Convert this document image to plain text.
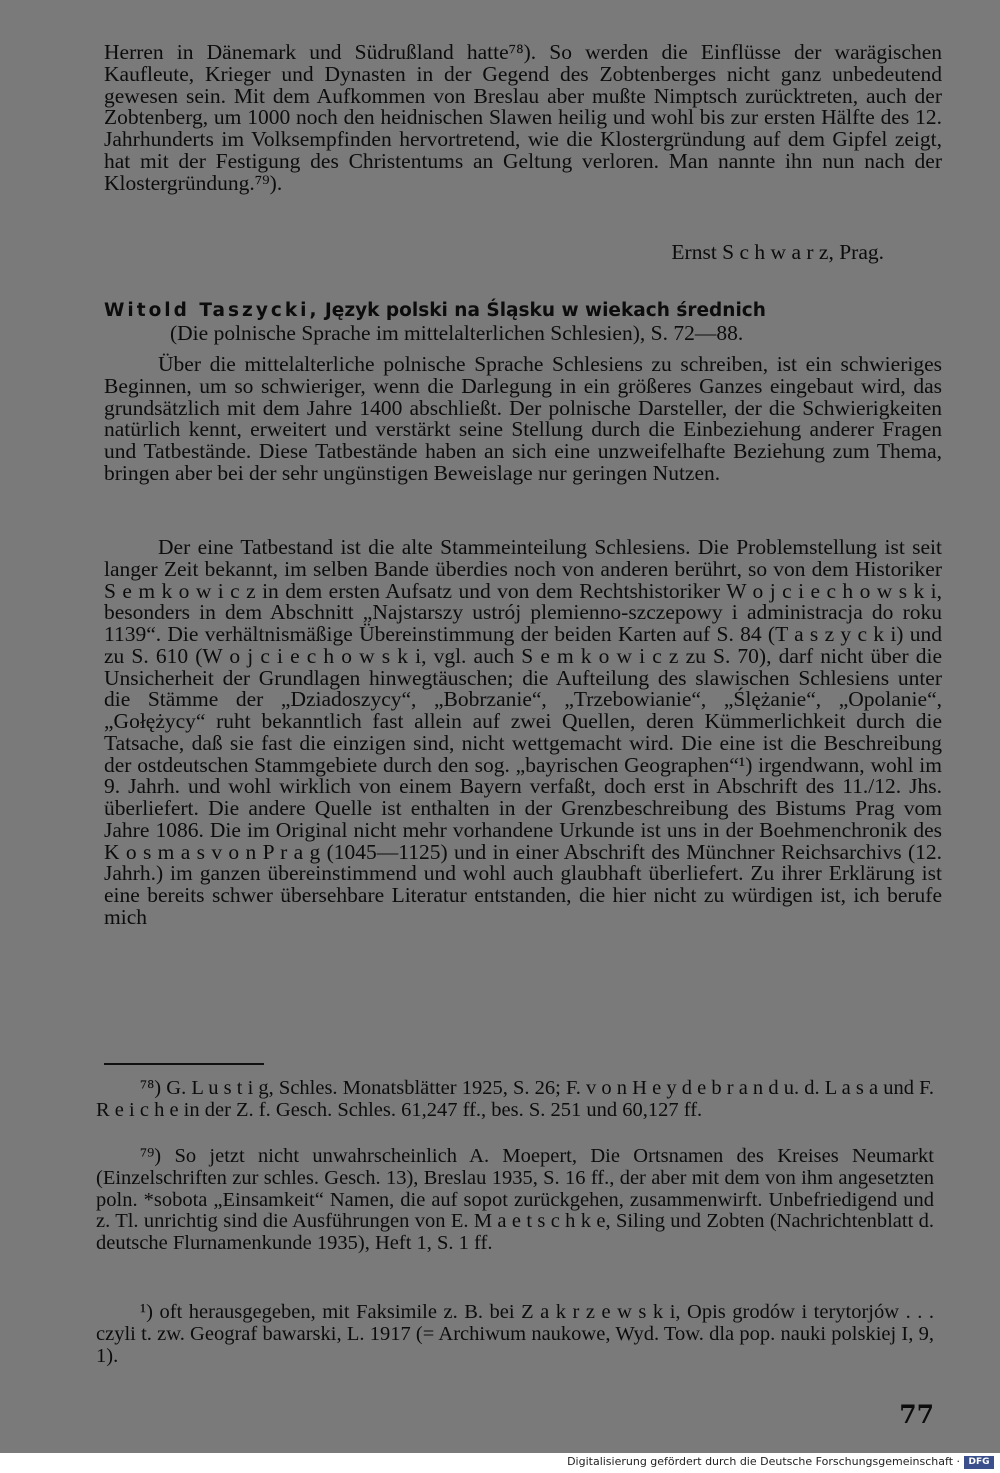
Herren in Dänemark und Südrußland hatte⁷⁸). So werden die Einflüsse der warägischen Kaufleute, Krieger und Dynasten in der Gegend des Zobtenberges nicht ganz unbedeutend gewesen sein. Mit dem Aufkommen von Breslau aber mußte Nimptsch zurücktreten, auch der Zobtenberg, um 1000 noch den heidnischen Slawen heilig und wohl bis zur ersten Hälfte des 12. Jahrhunderts im Volksempfinden hervortretend, wie die Klostergründung auf dem Gipfel zeigt, hat mit der Festigung des Christentums an Geltung verloren. Man nannte ihn nun nach der Klostergründung.⁷⁹).

Ernst S c h w a r z, Prag.

Witold Taszycki, Język polski na Śląsku w wiekach średnich
(Die polnische Sprache im mittelalterlichen Schlesien), S. 72—88.

Über die mittelalterliche polnische Sprache Schlesiens zu schreiben, ist ein schwieriges Beginnen, um so schwieriger, wenn die Darlegung in ein größeres Ganzes eingebaut wird, das grundsätzlich mit dem Jahre 1400 abschließt. Der polnische Darsteller, der die Schwierigkeiten natürlich kennt, erweitert und verstärkt seine Stellung durch die Einbeziehung anderer Fragen und Tatbestände. Diese Tatbestände haben an sich eine unzweifelhafte Beziehung zum Thema, bringen aber bei der sehr ungünstigen Beweislage nur geringen Nutzen.

Der eine Tatbestand ist die alte Stammeinteilung Schlesiens. Die Problemstellung ist seit langer Zeit bekannt, im selben Bande überdies noch von anderen berührt, so von dem Historiker S e m k o w i c z in dem ersten Aufsatz und von dem Rechtshistoriker W o j c i e c h o w s k i, besonders in dem Abschnitt „Najstarszy ustrój plemienno-szczepowy i administracja do roku 1139“. Die verhältnismäßige Übereinstimmung der beiden Karten auf S. 84 (T a s z y c k i) und zu S. 610 (W o j c i e c h o w s k i, vgl. auch S e m k o w i c z zu S. 70), darf nicht über die Unsicherheit der Grundlagen hinwegtäuschen; die Aufteilung des slawischen Schlesiens unter die Stämme der „Dziadoszycy“, „Bobrzanie“, „Trzebowianie“, „Ślężanie“, „Opolanie“, „Gołężycy“ ruht bekanntlich fast allein auf zwei Quellen, deren Kümmerlichkeit durch die Tatsache, daß sie fast die einzigen sind, nicht wettgemacht wird. Die eine ist die Beschreibung der ostdeutschen Stammgebiete durch den sog. „bayrischen Geographen“¹) irgendwann, wohl im 9. Jahrh. und wohl wirklich von einem Bayern verfaßt, doch erst in Abschrift des 11./12. Jhs. überliefert. Die andere Quelle ist enthalten in der Grenzbeschreibung des Bistums Prag vom Jahre 1086. Die im Original nicht mehr vorhandene Urkunde ist uns in der Boehmenchronik des K o s m a s v o n P r a g (1045—1125) und in einer Abschrift des Münchner Reichsarchivs (12. Jahrh.) im ganzen übereinstimmend und wohl auch glaubhaft überliefert. Zu ihrer Erklärung ist eine bereits schwer übersehbare Literatur entstanden, die hier nicht zu würdigen ist, ich berufe mich

⁷⁸) G. L u s t i g, Schles. Monatsblätter 1925, S. 26; F. v o n H e y d e b r a n d u. d. L a s a und F. R e i c h e in der Z. f. Gesch. Schles. 61,247 ff., bes. S. 251 und 60,127 ff.

⁷⁹) So jetzt nicht unwahrscheinlich A. Moepert, Die Ortsnamen des Kreises Neumarkt (Einzelschriften zur schles. Gesch. 13), Breslau 1935, S. 16 ff., der aber mit dem von ihm angesetzten poln. *sobota „Einsamkeit“ Namen, die auf sopot zurückgehen, zusammenwirft. Unbefriedigend und z. Tl. unrichtig sind die Ausführungen von E. M a e t s c h k e, Siling und Zobten (Nachrichtenblatt d. deutsche Flurnamenkunde 1935), Heft 1, S. 1 ff.

¹) oft herausgegeben, mit Faksimile z. B. bei Z a k r z e w s k i, Opis grodów i terytorjów . . . czyli t. zw. Geograf bawarski, L. 1917 (= Archiwum naukowe, Wyd. Tow. dla pop. nauki polskiej I, 9, 1).

77
Digitalisierung gefördert durch die Deutsche Forschungsgemeinschaft · DFG
